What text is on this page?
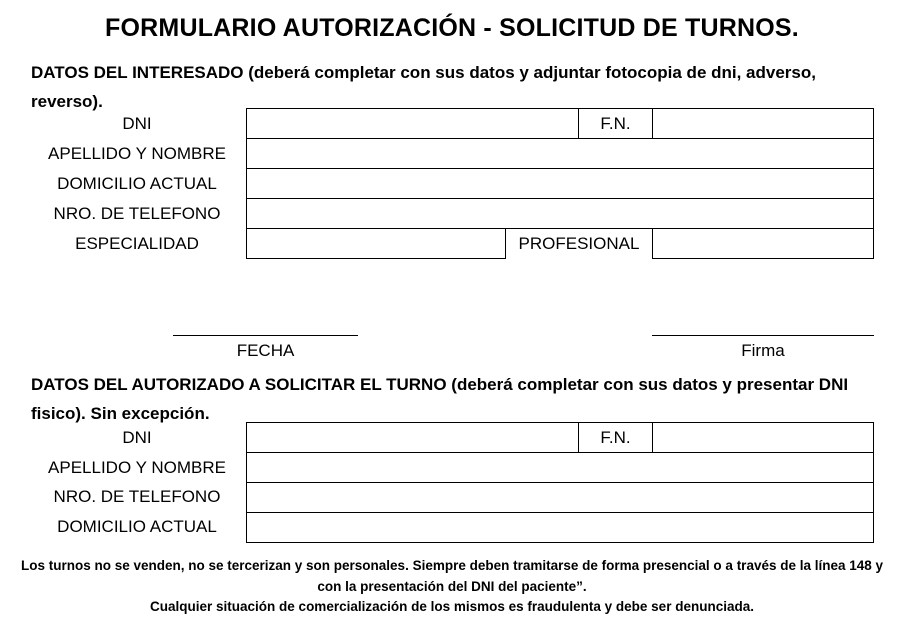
FORMULARIO AUTORIZACIÓN - SOLICITUD DE TURNOS.
DATOS DEL INTERESADO (deberá completar con sus datos y adjuntar fotocopia de dni, adverso, reverso).
DNI	F.N.
APELLIDO Y NOMBRE
DOMICILIO ACTUAL
NRO. DE TELEFONO
ESPECIALIDAD	PROFESIONAL
FECHA	Firma
DATOS DEL AUTORIZADO A SOLICITAR EL TURNO (deberá completar con sus datos y presentar DNI fisico). Sin excepción.
DNI	F.N.
APELLIDO Y NOMBRE
NRO. DE TELEFONO
DOMICILIO ACTUAL
Los turnos no se venden, no se tercerizan y son personales. Siempre deben tramitarse de forma presencial o a través de la línea 148 y con la presentación del DNI del paciente”.
Cualquier situación de comercialización de los mismos es fraudulenta y debe ser denunciada.
